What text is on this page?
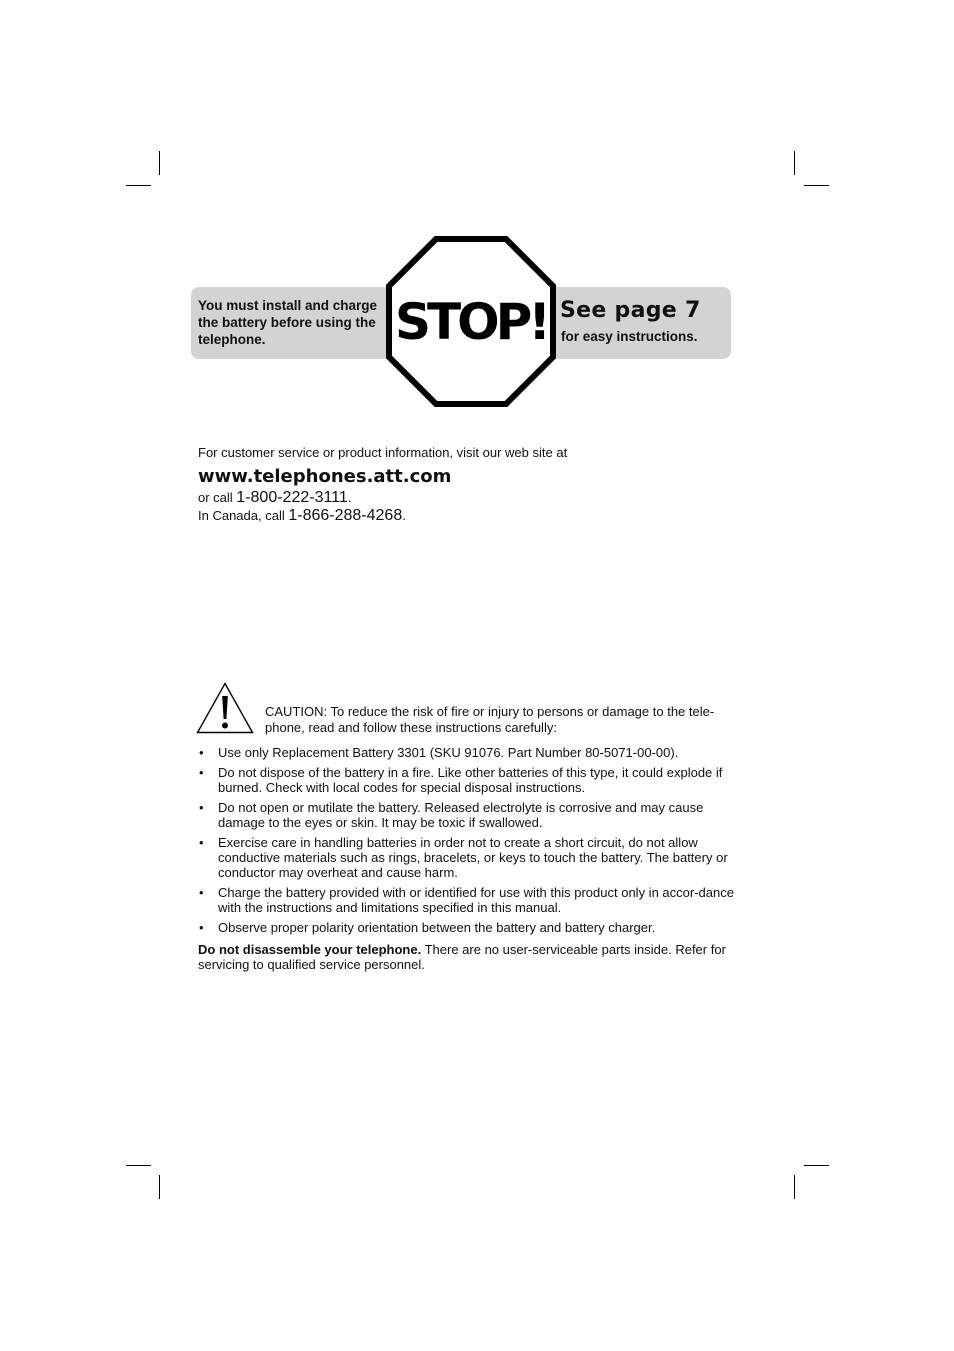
You must install and charge the battery before using the telephone.	STOP! See page 7
for easy instructions.
For customer service or product information, visit our web site at
www.telephones.att.com
or call 1-800-222-3111.
In Canada, call 1-866-288-4268.
CAUTION: To reduce the risk of fire or injury to persons or damage to the tele-phone, read and follow these instructions carefully:
• Use only Replacement Battery 3301 (SKU 91076. Part Number 80-5071-00-00).
• Do not dispose of the battery in a fire. Like other batteries of this type, it could explode if burned. Check with local codes for special disposal instructions.
• Do not open or mutilate the battery. Released electrolyte is corrosive and may cause damage to the eyes or skin. It may be toxic if swallowed.
• Exercise care in handling batteries in order not to create a short circuit, do not allow conductive materials such as rings, bracelets, or keys to touch the battery. The battery or conductor may overheat and cause harm.
• Charge the battery provided with or identified for use with this product only in accor-dance with the instructions and limitations specified in this manual.
• Observe proper polarity orientation between the battery and battery charger.
Do not disassemble your telephone. There are no user-serviceable parts inside. Refer for servicing to qualified service personnel.
